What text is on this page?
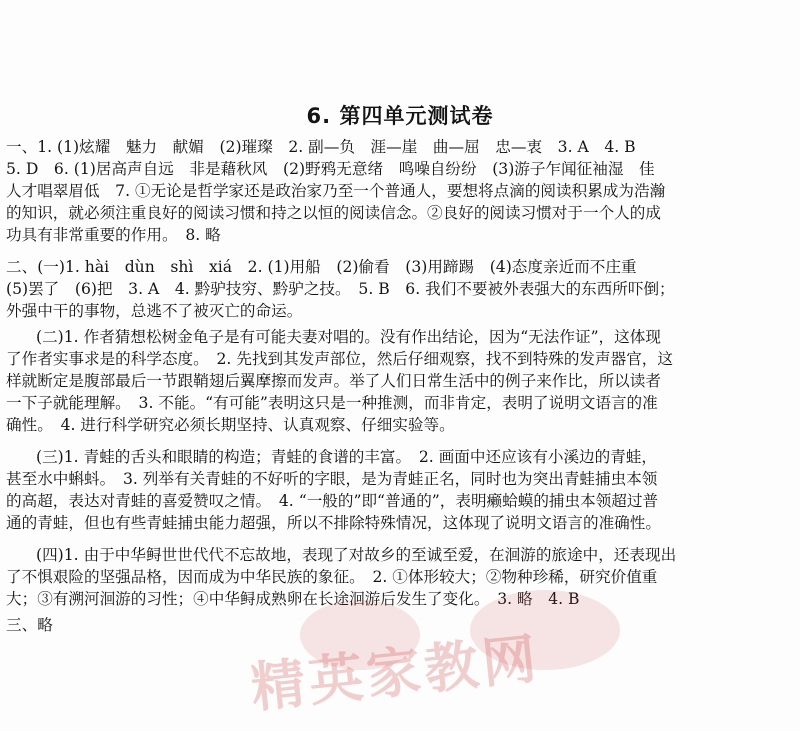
6. 第四单元测试卷
一、1. (1)炫耀　魅力　献媚　(2)璀璨　2. 副—负　涯—崖　曲—屈　忠—衷　3. A　4. B
5. D　6. (1)居高声自远　非是藉秋风　(2)野鸦无意绪　鸣噪自纷纷　(3)游子乍闻征袖湿　佳
人才唱翠眉低　7. ①无论是哲学家还是政治家乃至一个普通人，要想将点滴的阅读积累成为浩瀚
的知识，就必须注重良好的阅读习惯和持之以恒的阅读信念。②良好的阅读习惯对于一个人的成
功具有非常重要的作用。　8. 略
二、(一)1. hài　dùn　shì　xiá　2. (1)用船　(2)偷看　(3)用蹄踢　(4)态度亲近而不庄重
(5)罢了　(6)把　3. A　4. 黔驴技穷、黔驴之技。　5. B　6. 我们不要被外表强大的东西所吓倒；
外强中干的事物，总逃不了被灭亡的命运。
(二)1. 作者猜想松树金龟子是有可能夫妻对唱的。没有作出结论，因为“无法作证”，这体现
了作者实事求是的科学态度。　2. 先找到其发声部位，然后仔细观察，找不到特殊的发声器官，这
样就断定是腹部最后一节跟鞘翅后翼摩擦而发声。举了人们日常生活中的例子来作比，所以读者
一下子就能理解。　3. 不能。“有可能”表明这只是一种推测，而非肯定，表明了说明文语言的准
确性。　4. 进行科学研究必须长期坚持、认真观察、仔细实验等。
(三)1. 青蛙的舌头和眼睛的构造；青蛙的食谱的丰富。　2. 画面中还应该有小溪边的青蛙，
甚至水中蝌蚪。　3. 列举有关青蛙的不好听的字眼，是为青蛙正名，同时也为突出青蛙捕虫本领
的高超，表达对青蛙的喜爱赞叹之情。　4. “一般的”即“普通的”，表明癞蛤蟆的捕虫本领超过普
通的青蛙，但也有些青蛙捕虫能力超强，所以不排除特殊情况，这体现了说明文语言的准确性。
(四)1. 由于中华鲟世世代代不忘故地，表现了对故乡的至诚至爱，在洄游的旅途中，还表现出
了不惧艰险的坚强品格，因而成为中华民族的象征。　2. ①体形较大；②物种珍稀，研究价值重
大；③有溯河洄游的习性；④中华鲟成熟卵在长途洄游后发生了变化。　3. 略　4. B
三、略
精英家教网
